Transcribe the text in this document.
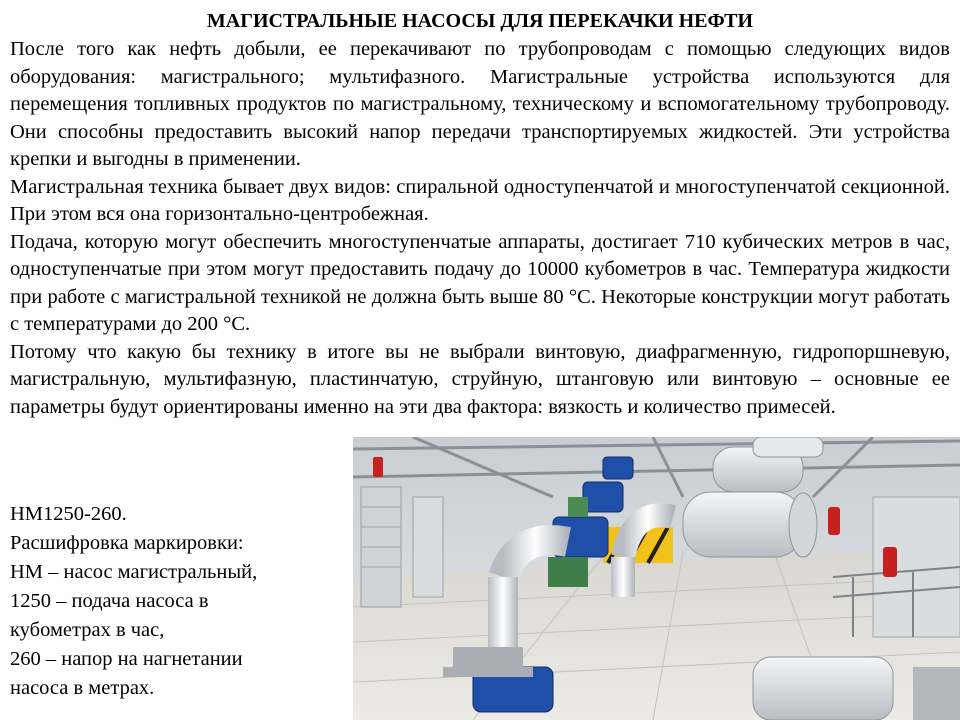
МАГИСТРАЛЬНЫЕ НАСОСЫ ДЛЯ ПЕРЕКАЧКИ НЕФТИ

После того как нефть добыли, ее перекачивают по трубопроводам с помощью следующих видов оборудования: магистрального; мультифазного. Магистральные устройства используются для перемещения топливных продуктов по магистральному, техническому и вспомогательному трубопроводу. Они способны предоставить высокий напор передачи транспортируемых жидкостей. Эти устройства крепки и выгодны в применении.

Магистральная техника бывает двух видов: спиральной одноступенчатой и многоступенчатой секционной. При этом вся она горизонтально-центробежная.

Подача, которую могут обеспечить многоступенчатые аппараты, достигает 710 кубических метров в час, одноступенчатые при этом могут предоставить подачу до 10000 кубометров в час. Температура жидкости при работе с магистральной техникой не должна быть выше 80 °С. Некоторые конструкции могут работать с температурами до 200 °С.

Потому что какую бы технику в итоге вы не выбрали винтовую, диафрагменную, гидропоршневую, магистральную, мультифазную, пластинчатую, струйную, штанговую или винтовую – основные ее параметры будут ориентированы именно на эти два фактора: вязкость и количество примесей.

НМ1250-260.
Расшифровка маркировки:
НМ – насос магистральный,
1250 – подача насоса в
кубометрах в час,
260 – напор на нагнетании
насоса в метрах.
